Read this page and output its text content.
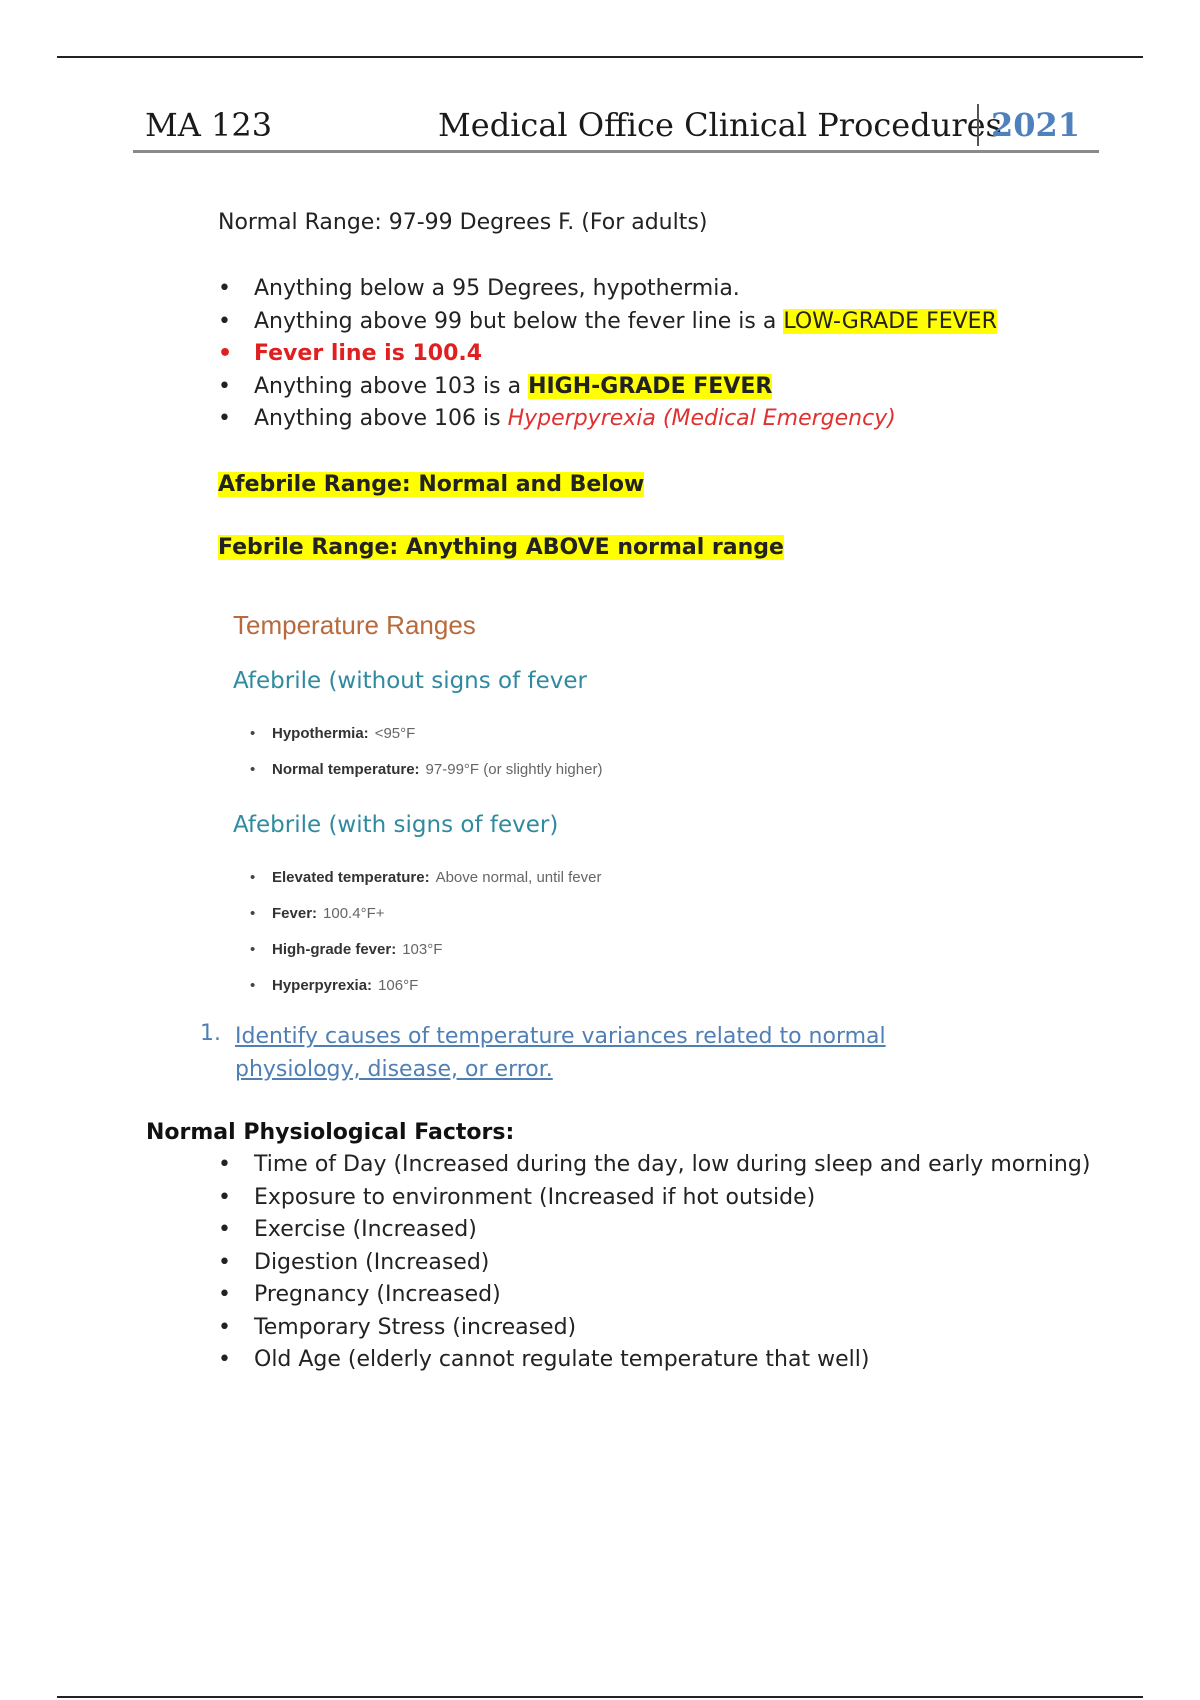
MA 123	Medical Office Clinical Procedures
2021
Normal Range: 97-99 Degrees F. (For adults)
•	Anything below a 95 Degrees, hypothermia.
•	Anything above 99 but below the fever line is a LOW-GRADE FEVER
• Fever line is 100.4
•	Anything above 103 is a HIGH-GRADE FEVER
•	Anything above 106 is Hyperpyrexia (Medical Emergency)
Afebrile Range: Normal and Below
Febrile Range: Anything ABOVE normal range
Temperature Ranges
Afebrile (without signs of fever
• Hypothermia: <95°F
• Normal temperature: 97-99°F (or slightly higher)
Afebrile (with signs of fever)
• Elevated temperature: Above normal, until fever
• Fever: 100.4°F+
• High-grade fever: 103°F
• Hyperpyrexia: 106°F
1. Identify causes of temperature variances related to normal physiology, disease, or error.
Normal Physiological Factors:
•	Time of Day (Increased during the day, low during sleep and early morning)
•	Exposure to environment (Increased if hot outside)
•	Exercise (Increased)
•	Digestion (Increased)
•	Pregnancy (Increased)
•	Temporary Stress (increased)
•	Old Age (elderly cannot regulate temperature that well)
